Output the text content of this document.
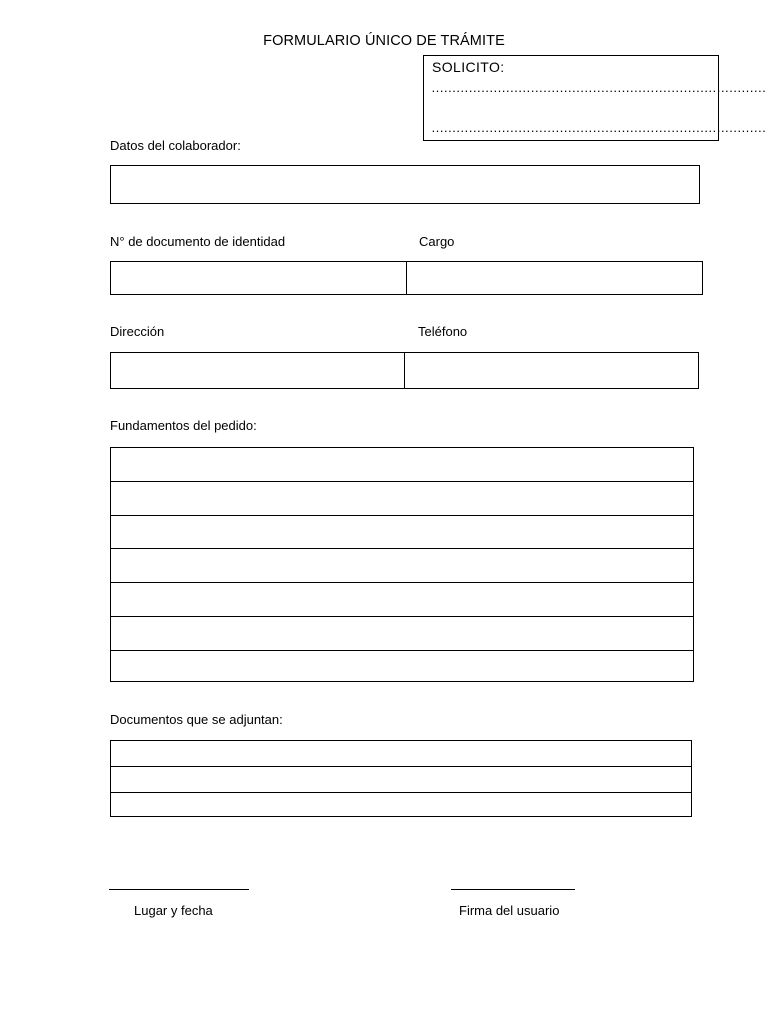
FORMULARIO ÚNICO DE TRÁMITE
SOLICITO:
………………………………………………………………………
………………………………………………………………………
Datos del colaborador:
N° de documento de identidad	Cargo
Dirección	Teléfono
Fundamentos del pedido:
Documentos que se adjuntan:
Lugar y fecha	Firma del usuario
